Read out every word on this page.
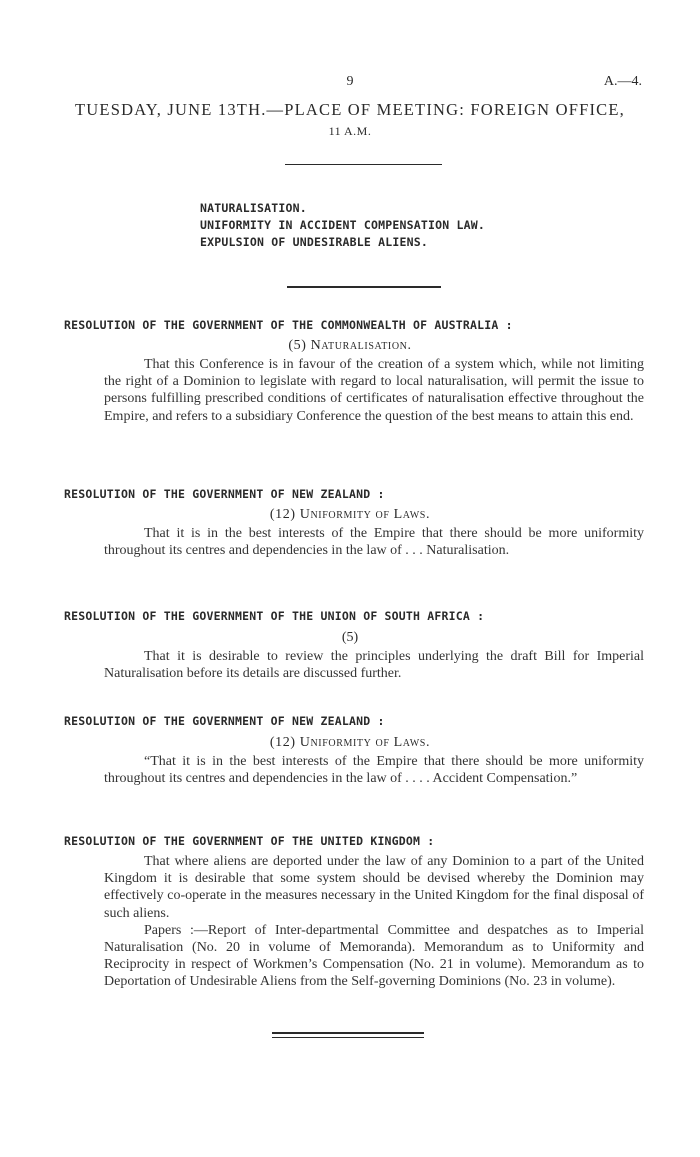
9	A.—4.
TUESDAY, JUNE 13TH.—PLACE OF MEETING: FOREIGN OFFICE,
11 A.M.
NATURALISATION.
UNIFORMITY IN ACCIDENT COMPENSATION LAW.
EXPULSION OF UNDESIRABLE ALIENS.
RESOLUTION OF THE GOVERNMENT OF THE COMMONWEALTH OF AUSTRALIA :
(5) Naturalisation.

That this Conference is in favour of the creation of a system which, while not limiting the right of a Dominion to legislate with regard to local naturalisation, will permit the issue to persons fulfilling prescribed conditions of certificates of naturalisation effective throughout the Empire, and refers to a subsidiary Conference the question of the best means to attain this end.

RESOLUTION OF THE GOVERNMENT OF NEW ZEALAND :
(12) Uniformity of Laws.

That it is in the best interests of the Empire that there should be more uniformity throughout its centres and dependencies in the law of . . . Naturalisation.

RESOLUTION OF THE GOVERNMENT OF THE UNION OF SOUTH AFRICA :
(5)

That it is desirable to review the principles underlying the draft Bill for Imperial Naturalisation before its details are discussed further.

RESOLUTION OF THE GOVERNMENT OF NEW ZEALAND :
(12) Uniformity of Laws.

“That it is in the best interests of the Empire that there should be more uniformity throughout its centres and dependencies in the law of . . . . Accident Compensation.”

RESOLUTION OF THE GOVERNMENT OF THE UNITED KINGDOM :

That where aliens are deported under the law of any Dominion to a part of the United Kingdom it is desirable that some system should be devised whereby the Dominion may effectively co-operate in the measures necessary in the United Kingdom for the final disposal of such aliens.

Papers :—Report of Inter-departmental Committee and despatches as to Imperial Naturalisation (No. 20 in volume of Memoranda). Memorandum as to Uniformity and Reciprocity in respect of Workmen’s Compensation (No. 21 in volume). Memorandum as to Deportation of Undesirable Aliens from the Self-governing Dominions (No. 23 in volume).
